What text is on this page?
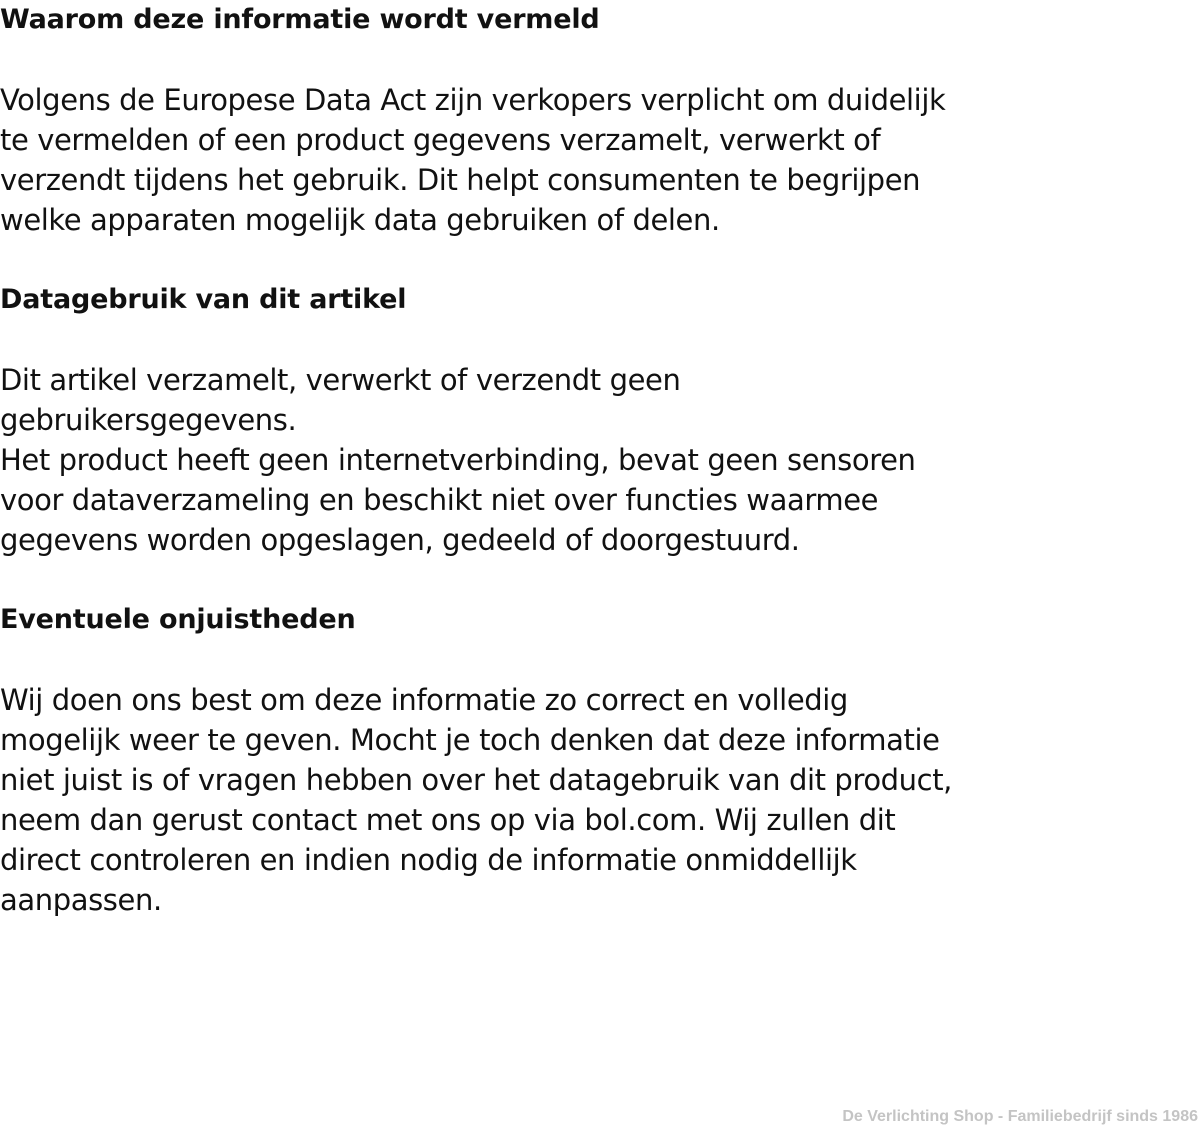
Waarom deze informatie wordt vermeld

Volgens de Europese Data Act zijn verkopers verplicht om duidelijk
te vermelden of een product gegevens verzamelt, verwerkt of
verzendt tijdens het gebruik. Dit helpt consumenten te begrijpen
welke apparaten mogelijk data gebruiken of delen.

Datagebruik van dit artikel

Dit artikel verzamelt, verwerkt of verzendt geen
gebruikersgegevens.
Het product heeft geen internetverbinding, bevat geen sensoren
voor dataverzameling en beschikt niet over functies waarmee
gegevens worden opgeslagen, gedeeld of doorgestuurd.

Eventuele onjuistheden

Wij doen ons best om deze informatie zo correct en volledig
mogelijk weer te geven. Mocht je toch denken dat deze informatie
niet juist is of vragen hebben over het datagebruik van dit product,
neem dan gerust contact met ons op via bol.com. Wij zullen dit
direct controleren en indien nodig de informatie onmiddellijk
aanpassen.

De Verlichting Shop - Familiebedrijf sinds 1986
